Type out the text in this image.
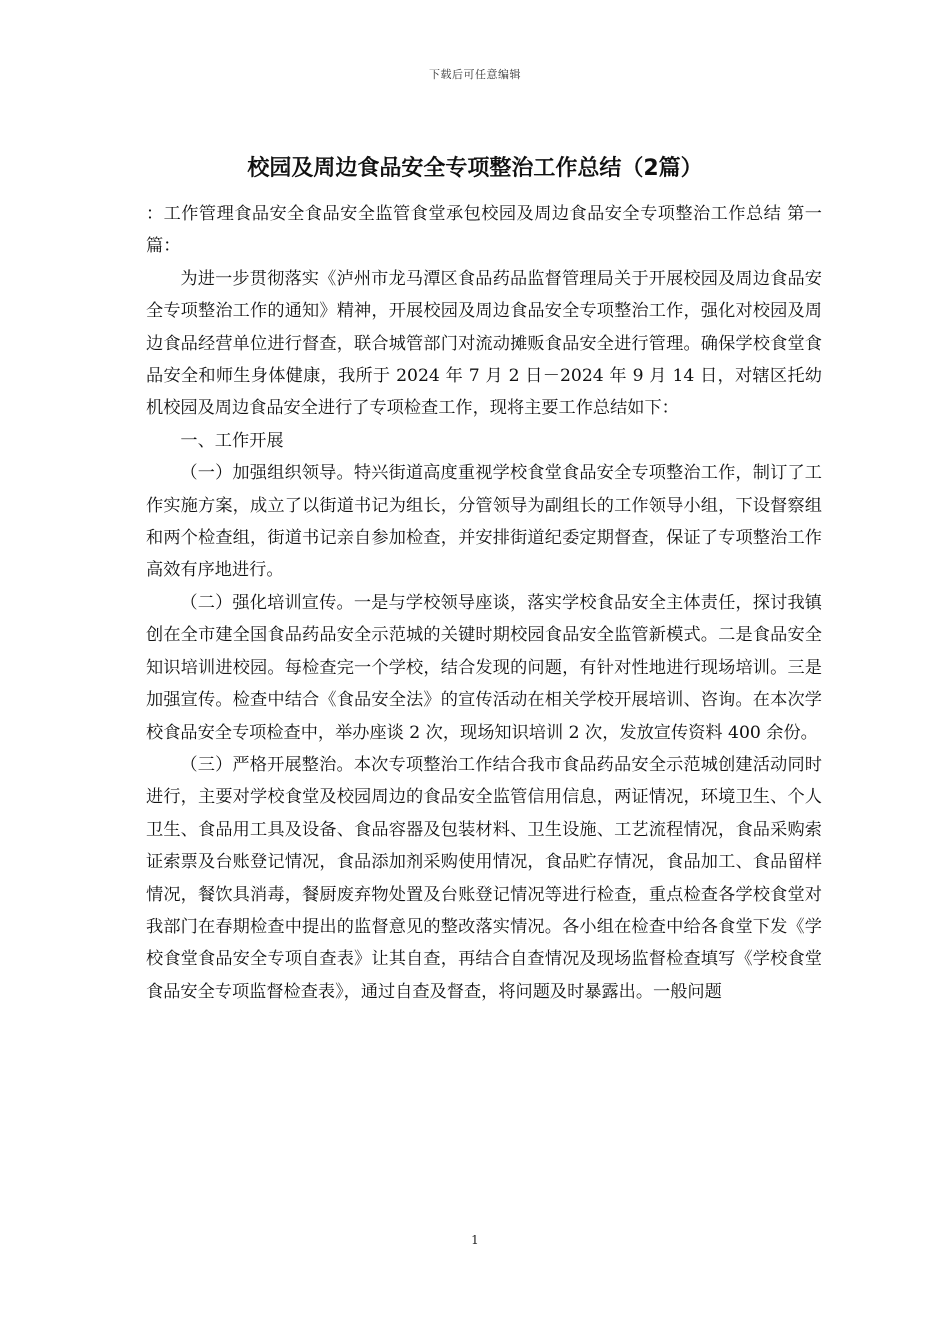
下载后可任意编辑
校园及周边食品安全专项整治工作总结（2篇）

：工作管理食品安全食品安全监管食堂承包校园及周边食品安全专项整治工作总结 第一篇：

为进一步贯彻落实《泸州市龙马潭区食品药品监督管理局关于开展校园及周边食品安全专项整治工作的通知》精神，开展校园及周边食品安全专项整治工作，强化对校园及周边食品经营单位进行督查，联合城管部门对流动摊贩食品安全进行管理。确保学校食堂食品安全和师生身体健康，我所于 2024 年 7 月 2 日－2024 年 9 月 14 日，对辖区托幼机校园及周边食品安全进行了专项检查工作，现将主要工作总结如下：

一、工作开展

（一）加强组织领导。特兴街道高度重视学校食堂食品安全专项整治工作，制订了工作实施方案，成立了以街道书记为组长，分管领导为副组长的工作领导小组，下设督察组和两个检查组，街道书记亲自参加检查，并安排街道纪委定期督查，保证了专项整治工作高效有序地进行。

（二）强化培训宣传。一是与学校领导座谈，落实学校食品安全主体责任，探讨我镇创在全市建全国食品药品安全示范城的关键时期校园食品安全监管新模式。二是食品安全知识培训进校园。每检查完一个学校，结合发现的问题，有针对性地进行现场培训。三是加强宣传。检查中结合《食品安全法》的宣传活动在相关学校开展培训、咨询。在本次学校食品安全专项检查中，举办座谈 2 次，现场知识培训 2 次，发放宣传资料 400 余份。

（三）严格开展整治。本次专项整治工作结合我市食品药品安全示范城创建活动同时进行，主要对学校食堂及校园周边的食品安全监管信用信息，两证情况，环境卫生、个人卫生、食品用工具及设备、食品容器及包装材料、卫生设施、工艺流程情况，食品采购索证索票及台账登记情况，食品添加剂采购使用情况，食品贮存情况，食品加工、食品留样情况，餐饮具消毒，餐厨废弃物处置及台账登记情况等进行检查，重点检查各学校食堂对我部门在春期检查中提出的监督意见的整改落实情况。各小组在检查中给各食堂下发《学校食堂食品安全专项自查表》让其自查，再结合自查情况及现场监督检查填写《学校食堂食品安全专项监督检查表》，通过自查及督查，将问题及时暴露出。一般问题

1
